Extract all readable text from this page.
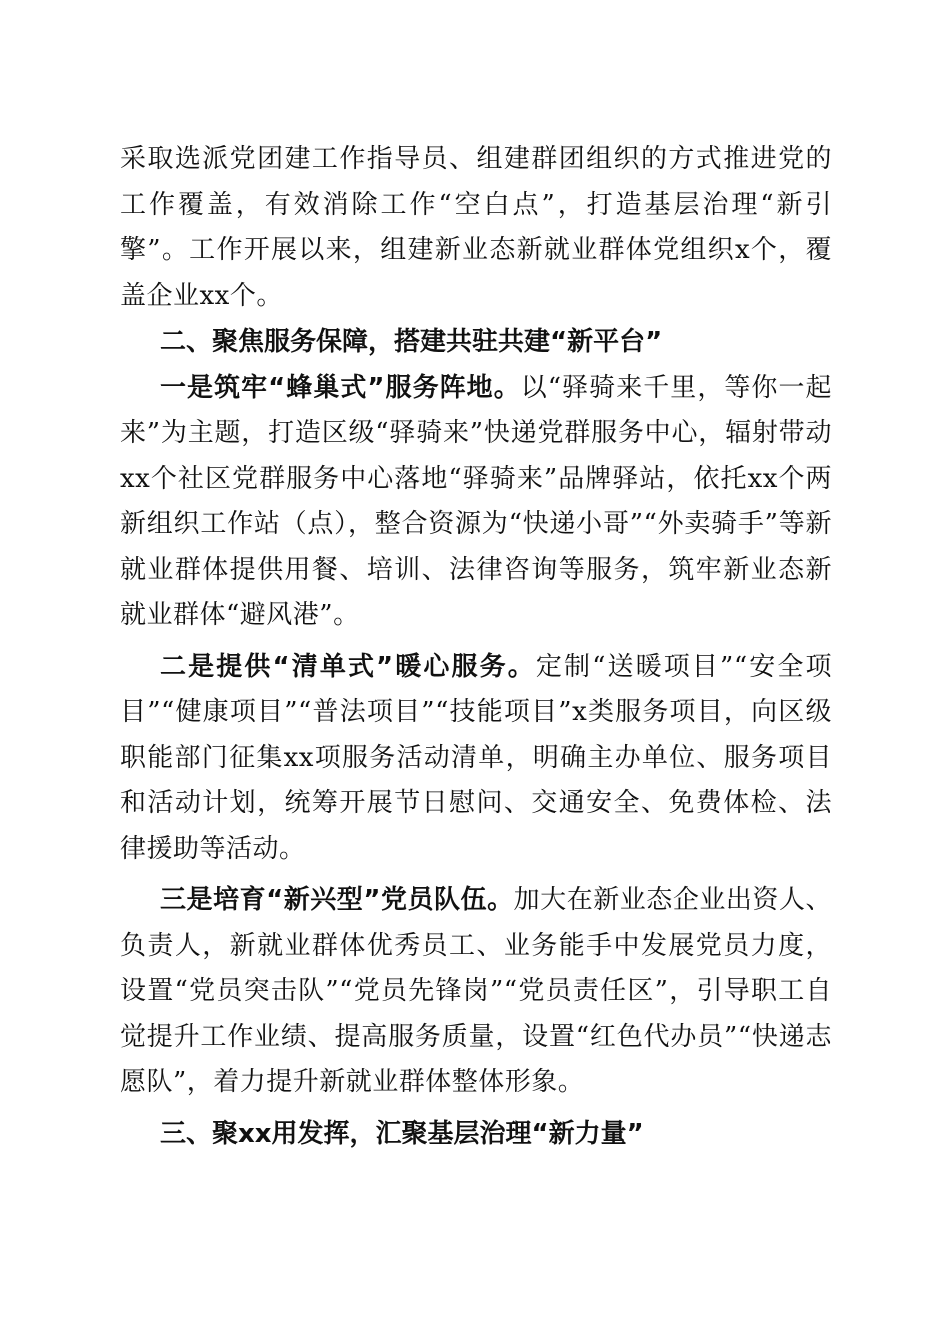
采取选派党团建工作指导员、组建群团组织的方式推进党的工作覆盖，有效消除工作“空白点”，打造基层治理“新引擎”。工作开展以来，组建新业态新就业群体党组织x个，覆盖企业xx个。

二、聚焦服务保障，搭建共驻共建“新平台”

一是筑牢“蜂巢式”服务阵地。以“驿骑来千里，等你一起来”为主题，打造区级“驿骑来”快递党群服务中心，辐射带动xx个社区党群服务中心落地“驿骑来”品牌驿站，依托xx个两新组织工作站（点），整合资源为“快递小哥”“外卖骑手”等新就业群体提供用餐、培训、法律咨询等服务，筑牢新业态新就业群体“避风港”。

二是提供“清单式”暖心服务。定制“送暖项目”“安全项目”“健康项目”“普法项目”“技能项目”x类服务项目，向区级职能部门征集xx项服务活动清单，明确主办单位、服务项目和活动计划，统筹开展节日慰问、交通安全、免费体检、法律援助等活动。

三是培育“新兴型”党员队伍。加大在新业态企业出资人、负责人，新就业群体优秀员工、业务能手中发展党员力度，设置“党员突击队”“党员先锋岗”“党员责任区”，引导职工自觉提升工作业绩、提高服务质量，设置“红色代办员”“快递志愿队”，着力提升新就业群体整体形象。

三、聚xx用发挥，汇聚基层治理“新力量”
